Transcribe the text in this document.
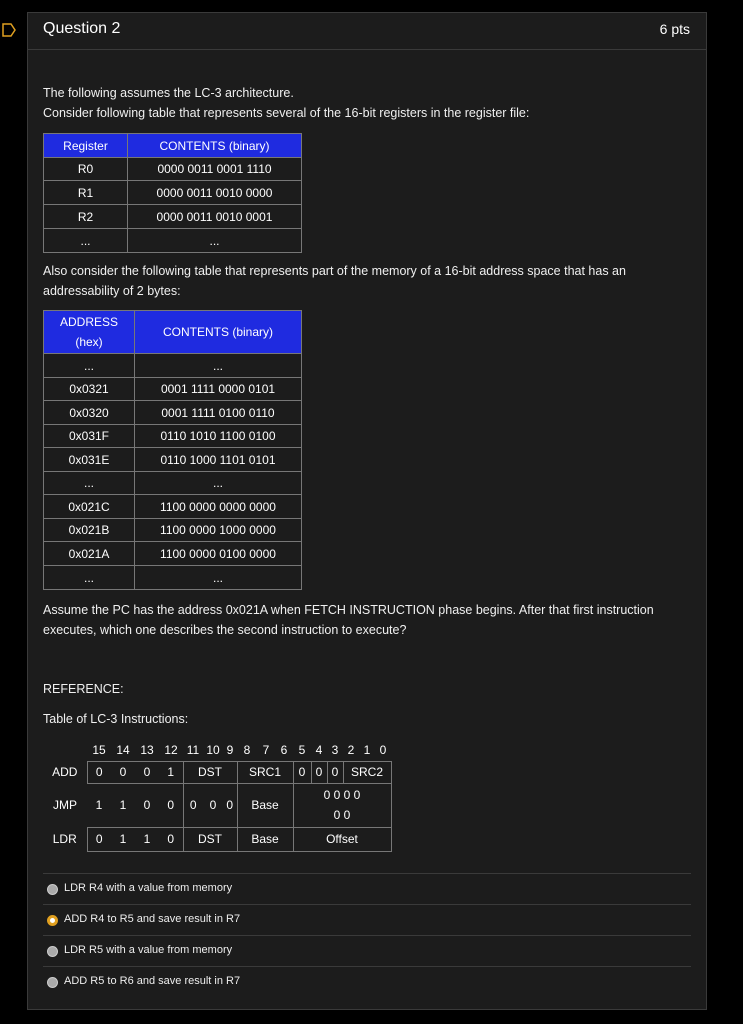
Question 2	6 pts
The following assumes the LC-3 architecture.
Consider following table that represents several of the 16-bit registers in the register file:
Register	CONTENTS (binary)
R0	0000 0011 0001 1110
R1	0000 0011 0010 0000
R2	0000 0011 0010 0001
...	...
Also consider the following table that represents part of the memory of a 16-bit address space that has an
addressability of 2 bytes:
ADDRESS
(hex)	CONTENTS (binary)
...	...
0x0321	0001 1111 0000 0101
0x0320	0001 1111 0100 0110
0x031F	0110 1010 1100 0100
0x031E	0110 1000 1101 0101
...	...
0x021C	1100 0000 0000 0000
0x021B	1100 0000 1000 0000
0x021A	1100 0000 0100 0000
...	...
Assume the PC has the address 0x021A when FETCH INSTRUCTION phase begins. After that first instruction
executes, which one describes the second instruction to execute?
REFERENCE:
Table of LC-3 Instructions:
	15	14	13	12	11	10	9	8	7	6	5	4	3	2	1	0
ADD	0	0	0	1	DST			SRC1			0	0	0	SRC2		
JMP	1	1	0	0	0	0	0	Base			0 0 0 0
0 0					
LDR	0	1	1	0	DST			Base			Offset					
LDR R4 with a value from memory
ADD R4 to R5 and save result in R7
LDR R5 with a value from memory
ADD R5 to R6 and save result in R7
